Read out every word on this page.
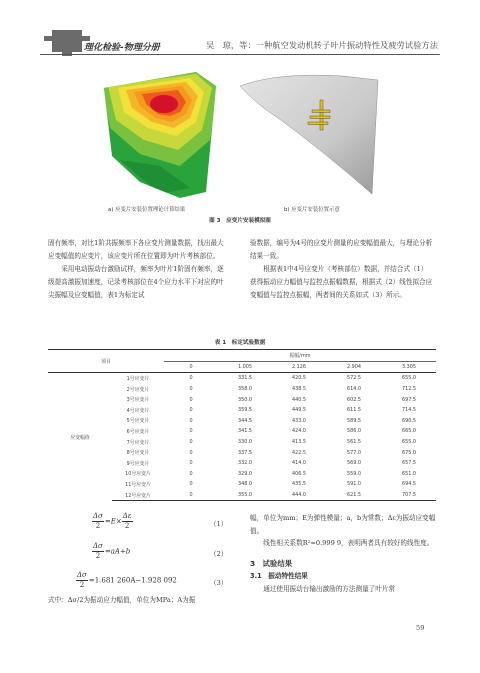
理化检验-物理分册	吴　琼，等：一种航空发动机转子叶片振动特性及疲劳试验方法
a) 应变片安装位置理论计算结果	b) 应变片安装位置示意
图 3　应变片安装模拟图

固有频率，对比1阶共振频率下各应变片测量数据，找出最大应变幅值的应变片，该应变片所在位置即为叶片考核部位。

采用电动振动台激励试样，频率为叶片1阶固有频率，逐级提高激振加速度，记录考核部位在4个应力水平下对应的叶尖振幅及应变幅值，表1为标定试

验数据，编号为4号的应变片测量的应变幅值最大，与理论分析结果一致。

根据表1中4号应变片（考核部位）数据，并结合式（1）获得振动应力幅值与监控点振幅数据，根据式（2）线性拟合应变幅值与监控点振幅，两者间的关系如式（3）所示。

表 1　标定试验数据
项目		振幅/mm				
		0	1.005	2.126	2.904	3.305
应变幅值	1号应变片	0	331.5	420.5	572.5	655.0
	2号应变片	0	358.0	438.5	614.0	712.5
	3号应变片	0	350.0	440.5	602.5	697.5
	4号应变片	0	359.5	449.5	611.5	714.5
	5号应变片	0	344.5	433.0	589.5	690.5
	6号应变片	0	341.5	424.0	586.0	665.0
	7号应变片	0	330.0	413.5	561.5	655.0
	8号应变片	0	337.5	422.5	577.0	675.0
	9号应变片	0	332.0	414.0	569.0	657.5
	10号应变片	0	329.0	406.5	559.0	651.0
	11号应变片	0	348.0	435.5	591.0	694.5
	12号应变片	0	355.0	444.0	621.5	707.5
$\frac{\Delta\sigma}{2} =E\times \frac{\Delta\varepsilon}{2}$	（1）
$\frac{\Delta\sigma}{2} =aA+b$	（2）
$\frac{\Delta\sigma}{2} =1.681$ 260A−1.928 092	（3）
式中：Δσ/2为振动应力幅值，单位为MPa；A为振

幅，单位为mm；E为弹性模量；a，b为常数；Δε为振动应变幅值。

线性相关系数R²=0.999 9，表明两者具有较好的线性度。

3　试验结果

3.1　振动特性结果

通过使用振动台输出激励的方法测量了叶片常

59
